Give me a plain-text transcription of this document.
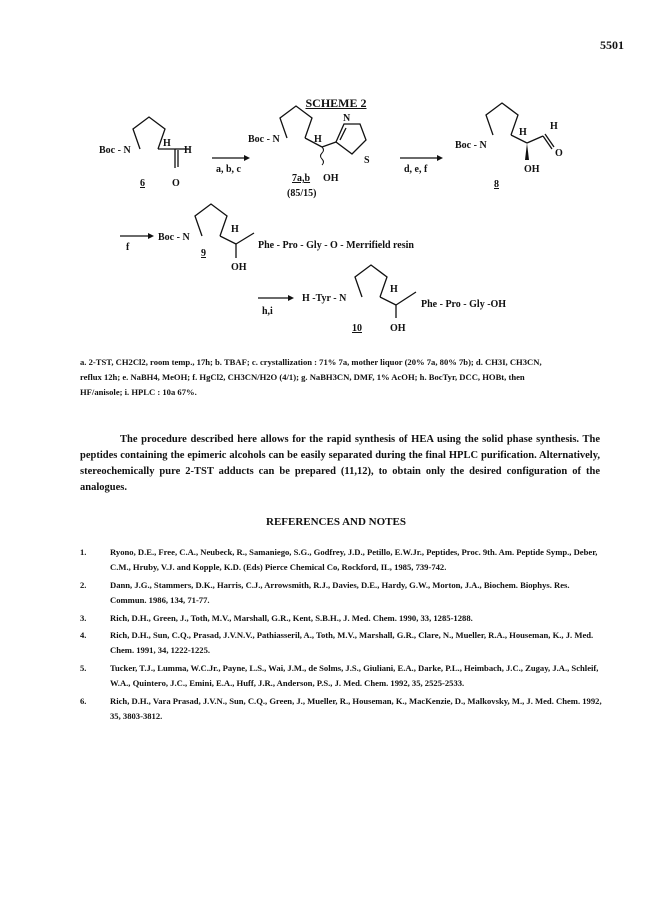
5501
SCHEME 2
Boc - N
H
H
O
6
a, b, c
Boc - N	H
N
S
OH
7a,b
(85/15)
d, e, f
Boc - N
H
H
O
OH
8
f
Boc - N
H
Phe - Pro - Gly - O - Merrifield resin
OH
9
h,i
H -Tyr - N
H
Phe - Pro - Gly -OH
OH
10

a. 2-TST, CH2Cl2, room temp., 17h; b. TBAF; c. crystallization : 71% 7a, mother liquor (20% 7a, 80% 7b); d. CH3I, CH3CN,

reflux 12h; e. NaBH4, MeOH; f. HgCl2, CH3CN/H2O (4/1); g. NaBH3CN, DMF, 1% AcOH; h. BocTyr, DCC, HOBt, then

HF/anisole; i. HPLC : 10a 67%.

The procedure described here allows for the rapid synthesis of HEA using the solid phase synthesis. The peptides containing the epimeric alcohols can be easily separated during the final HPLC purification. Alternatively, stereochemically pure 2-TST adducts can be prepared (11,12), to obtain only the desired configuration of the analogues.

REFERENCES AND NOTES
1.	Ryono, D.E., Free, C.A., Neubeck, R., Samaniego, S.G., Godfrey, J.D., Petillo, E.W.Jr., Peptides, Proc. 9th. Am. Peptide Symp., Deber, C.M., Hruby, V.J. and Kopple, K.D. (Eds) Pierce Chemical Co, Rockford, IL, 1985, 739-742.
2.	Dann, J.G., Stammers, D.K., Harris, C.J., Arrowsmith, R.J., Davies, D.E., Hardy, G.W., Morton, J.A., Biochem. Biophys. Res. Commun. 1986, 134, 71-77.
3.	Rich, D.H., Green, J., Toth, M.V., Marshall, G.R., Kent, S.B.H., J. Med. Chem. 1990, 33, 1285-1288.
4.	Rich, D.H., Sun, C.Q., Prasad, J.V.N.V., Pathiasseril, A., Toth, M.V., Marshall, G.R., Clare, N., Mueller, R.A., Houseman, K., J. Med. Chem. 1991, 34, 1222-1225.
5.	Tucker, T.J., Lumma, W.C.Jr., Payne, L.S., Wai, J.M., de Solms, J.S., Giuliani, E.A., Darke, P.L., Heimbach, J.C., Zugay, J.A., Schleif, W.A., Quintero, J.C., Emini, E.A., Huff, J.R., Anderson, P.S., J. Med. Chem. 1992, 35, 2525-2533.
6.	Rich, D.H., Vara Prasad, J.V.N., Sun, C.Q., Green, J., Mueller, R., Houseman, K., MacKenzie, D., Malkovsky, M., J. Med. Chem. 1992, 35, 3803-3812.
